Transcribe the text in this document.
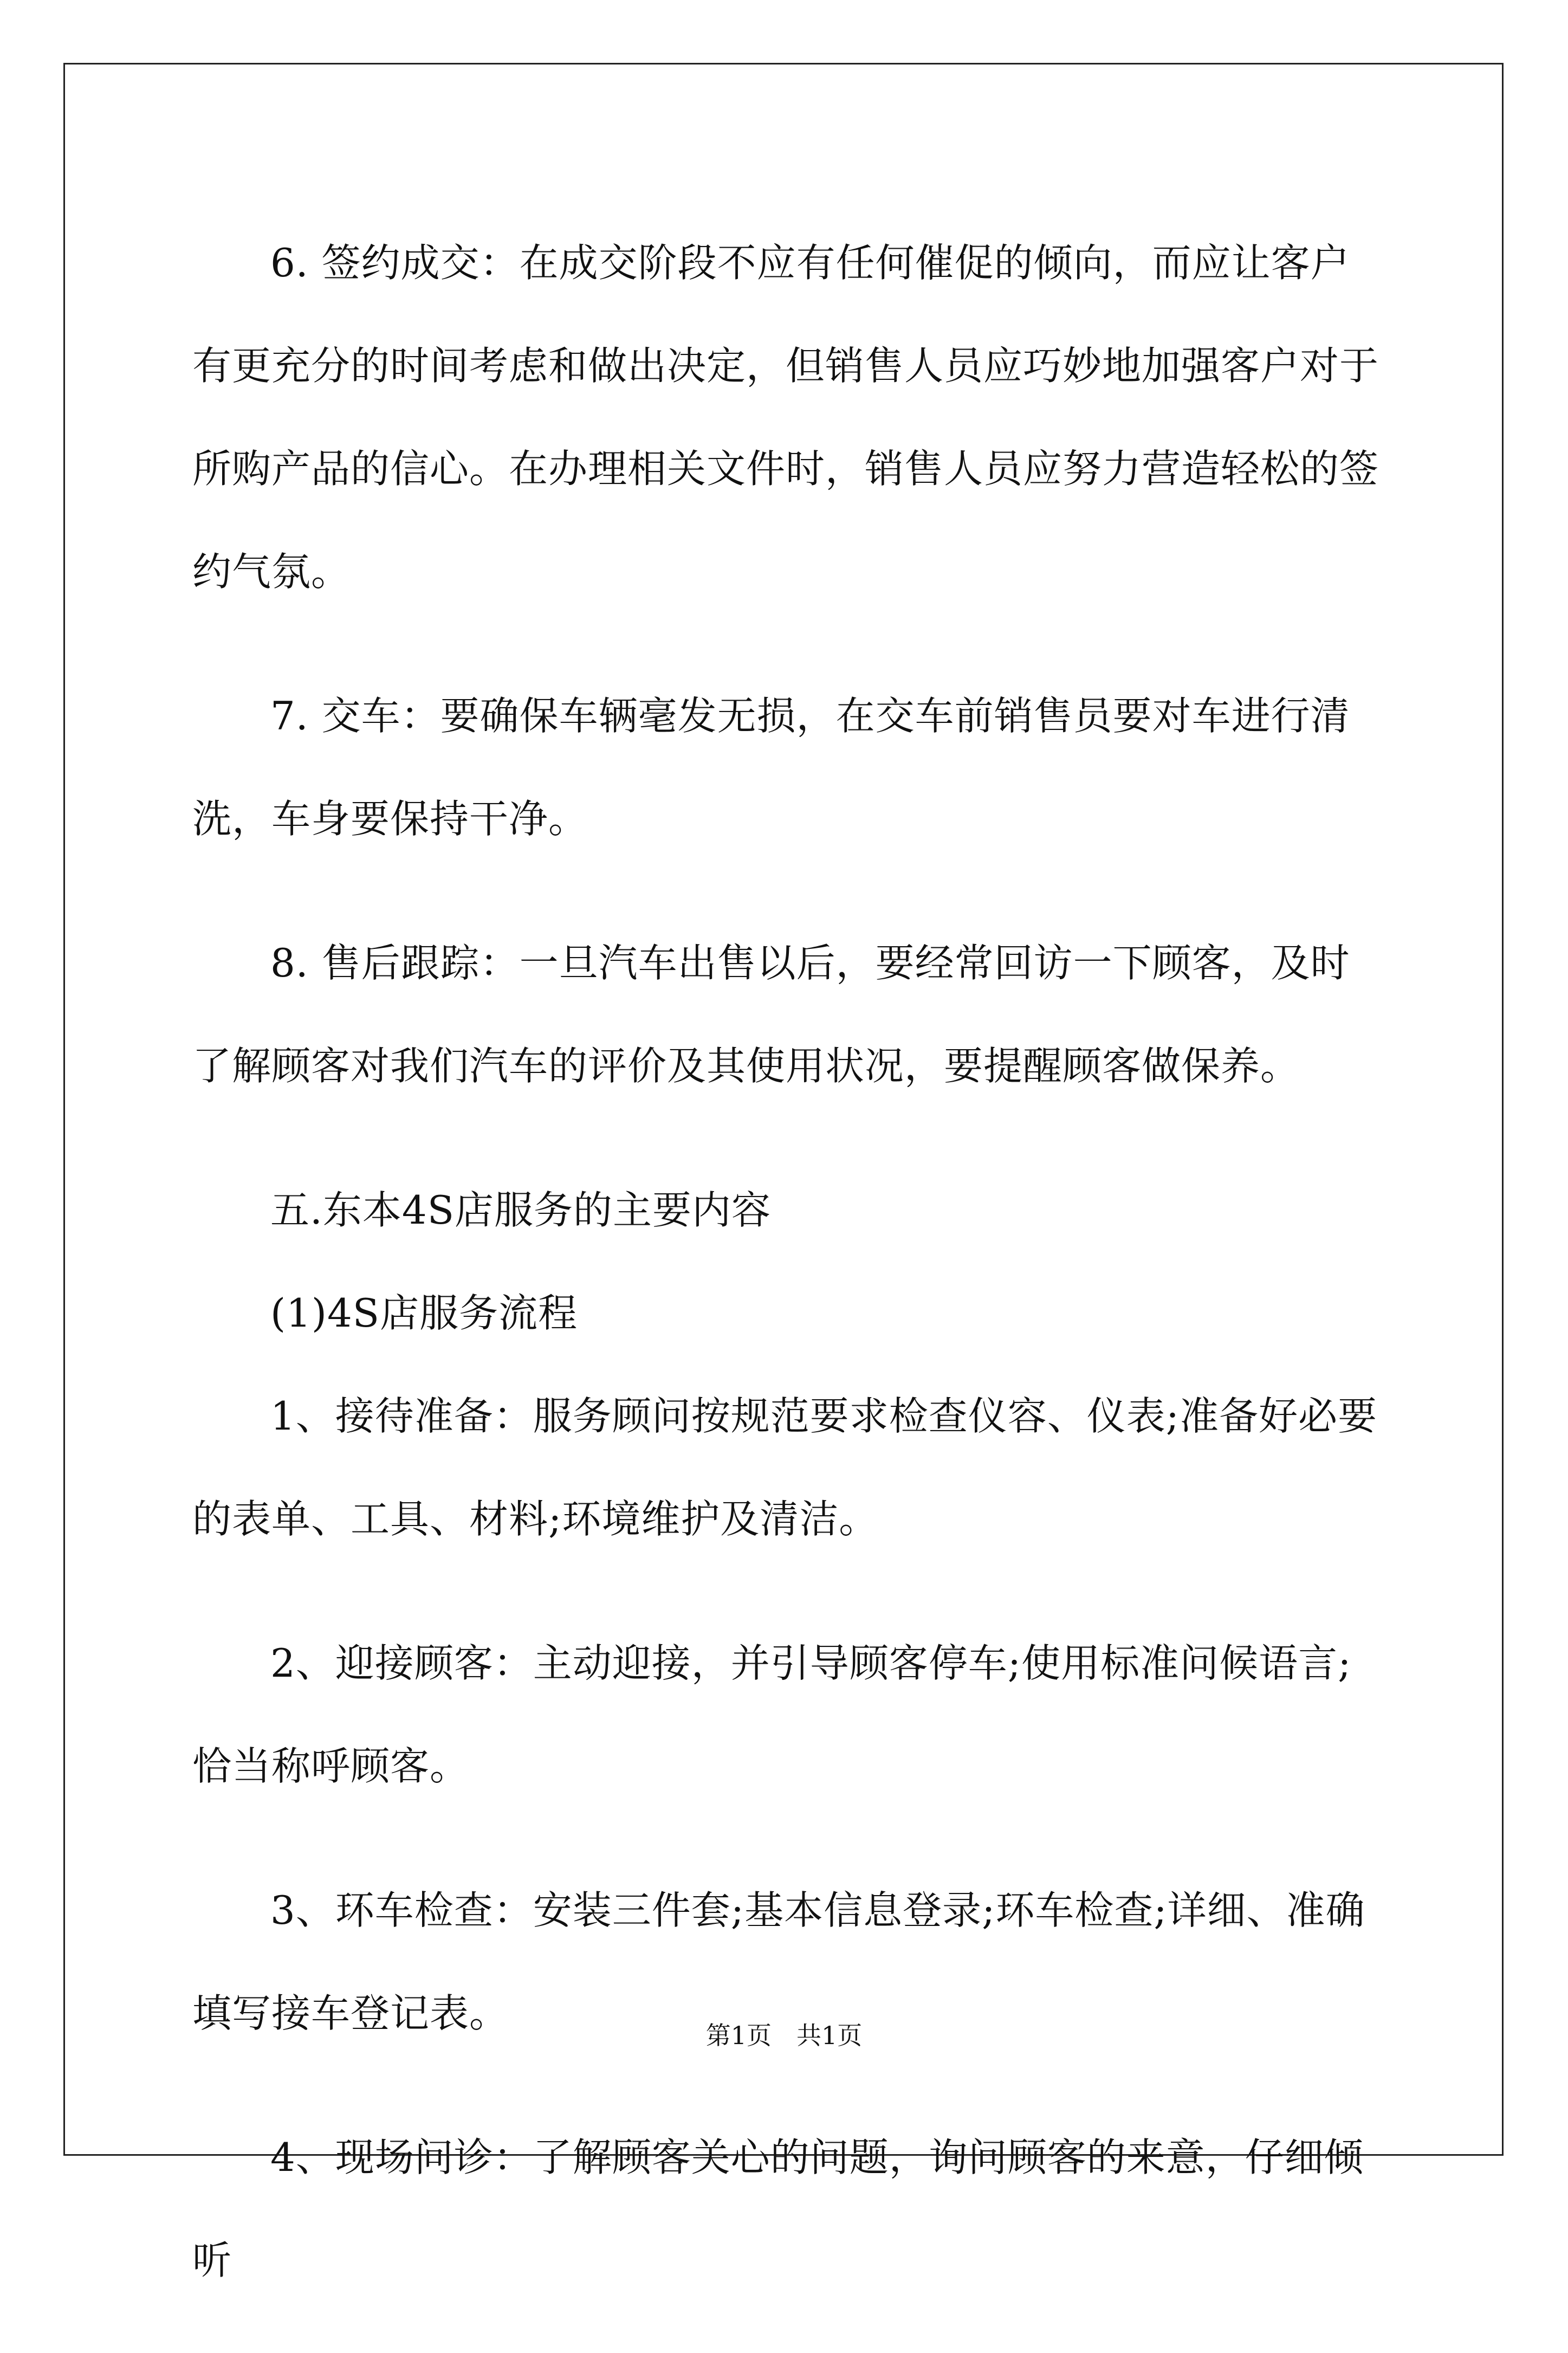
6. 签约成交：在成交阶段不应有任何催促的倾向，而应让客户有更充分的时间考虑和做出决定，但销售人员应巧妙地加强客户对于所购产品的信心。在办理相关文件时，销售人员应努力营造轻松的签约气氛。

7. 交车：要确保车辆毫发无损，在交车前销售员要对车进行清洗，车身要保持干净。

8. 售后跟踪：一旦汽车出售以后，要经常回访一下顾客，及时了解顾客对我们汽车的评价及其使用状况，要提醒顾客做保养。

五.东本4S店服务的主要内容

(1)4S店服务流程

1、接待准备：服务顾问按规范要求检查仪容、仪表;准备好必要的表单、工具、材料;环境维护及清洁。

2、迎接顾客：主动迎接，并引导顾客停车;使用标准问候语言;恰当称呼顾客。

3、环车检查：安装三件套;基本信息登录;环车检查;详细、准确填写接车登记表。

4、现场问诊：了解顾客关心的问题，询问顾客的来意，仔细倾听

第1页　共1页
